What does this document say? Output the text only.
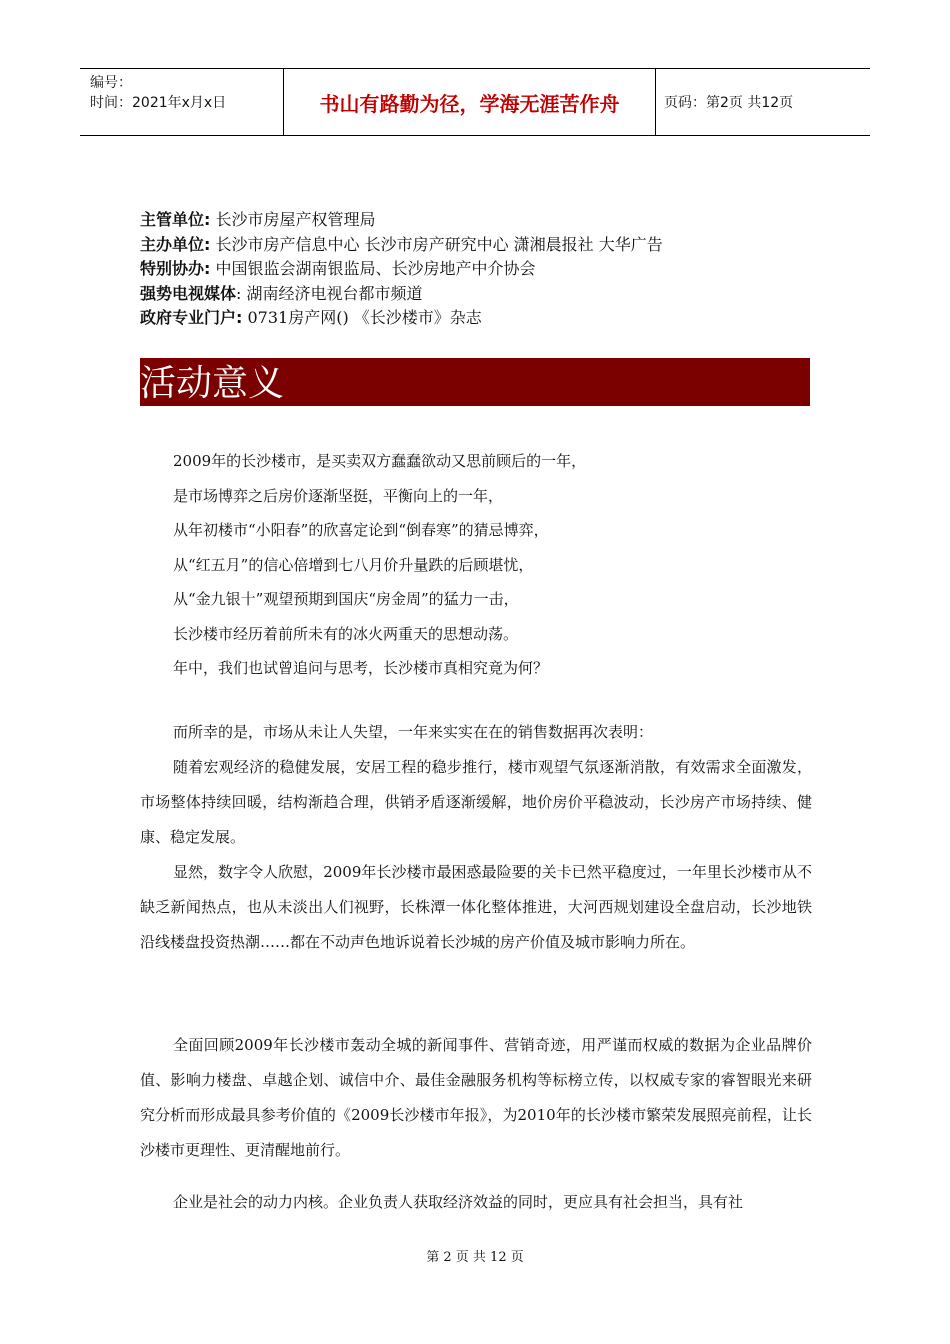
编号：
时间：2021年x月x日	书山有路勤为径，学海无涯苦作舟	页码：第2页 共12页
主管单位: 长沙市房屋产权管理局
主办单位: 长沙市房产信息中心 长沙市房产研究中心 潇湘晨报社 大华广告
特别协办: 中国银监会湖南银监局、长沙房地产中介协会
强势电视媒体: 湖南经济电视台都市频道
政府专业门户: 0731房产网() 《长沙楼市》杂志
活动意义

2009年的长沙楼市，是买卖双方蠢蠢欲动又思前顾后的一年，

是市场博弈之后房价逐渐坚挺，平衡向上的一年，

从年初楼市“小阳春”的欣喜定论到“倒春寒”的猜忌博弈，

从“红五月”的信心倍增到七八月价升量跌的后顾堪忧，

从“金九银十”观望预期到国庆“房金周”的猛力一击，

长沙楼市经历着前所未有的冰火两重天的思想动荡。

年中，我们也试曾追问与思考，长沙楼市真相究竟为何？

而所幸的是，市场从未让人失望，一年来实实在在的销售数据再次表明：

随着宏观经济的稳健发展，安居工程的稳步推行，楼市观望气氛逐渐消散，有效需求全面激发，市场整体持续回暖，结构渐趋合理，供销矛盾逐渐缓解，地价房价平稳波动，长沙房产市场持续、健康、稳定发展。

显然，数字令人欣慰，2009年长沙楼市最困惑最险要的关卡已然平稳度过，一年里长沙楼市从不缺乏新闻热点，也从未淡出人们视野，长株潭一体化整体推进，大河西规划建设全盘启动，长沙地铁沿线楼盘投资热潮……都在不动声色地诉说着长沙城的房产价值及城市影响力所在。

全面回顾2009年长沙楼市轰动全城的新闻事件、营销奇迹，用严谨而权威的数据为企业品牌价值、影响力楼盘、卓越企划、诚信中介、最佳金融服务机构等标榜立传，以权威专家的睿智眼光来研究分析而形成最具参考价值的《2009长沙楼市年报》，为2010年的长沙楼市繁荣发展照亮前程，让长沙楼市更理性、更清醒地前行。

企业是社会的动力内核。企业负责人获取经济效益的同时，更应具有社会担当，具有社

第 2 页 共 12 页
